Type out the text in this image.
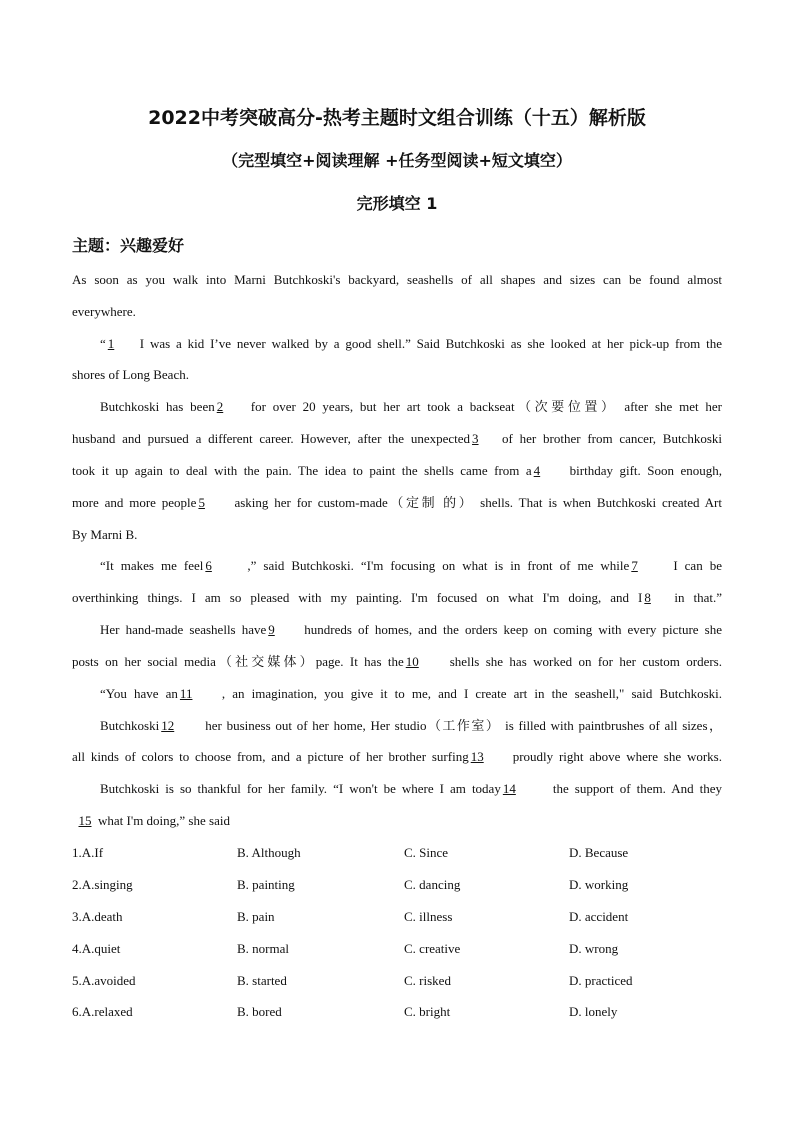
2022中考突破高分-热考主题时文组合训练（十五）解析版
（完型填空+阅读理解 +任务型阅读+短文填空）
完形填空 1
主题：兴趣爱好
As soon as you walk into Marni Butchkoski's backyard, seashells of all shapes and sizes can be found almost
everywhere.
“ 1 I was a kid I’ve never walked by a good shell.” Said Butchkoski as she looked at her pick-up from the
shores of Long Beach.
Butchkoski has been 2 for over 20 years, but her art took a backseat（次要位置） after she met her
husband and pursued a different career. However, after the unexpected 3 of her brother from cancer, Butchkoski
took it up again to deal with the pain. The idea to paint the shells came from a 4 birthday gift. Soon enough,
more and more people 5 asking her for custom-made（定制 的） shells. That is when Butchkoski created Art
By Marni B.
“It makes me feel 6	,” said Butchkoski. “I'm focusing on what is in front of me while 7	I can be
overthinking things. I am so pleased with my painting. I'm focused on what I'm doing, and I 8 in that.”
Her hand-made seashells have 9 hundreds of homes, and the orders keep on coming with every picture she
posts on her social media（社交媒体）page. It has the 10 shells she has worked on for her custom orders.
“You have an 11 , an imagination, you give it to me, and I create art in the seashell," said Butchkoski.
Butchkoski 12 her business out of her home, Her studio（工作室） is filled with paintbrushes of all sizes，
all kinds of colors to choose from, and a picture of her brother surfing 13 proudly right above where she works.
Butchkoski is so thankful for her family. “I won't be where I am today 14	the support of them. And they
15 what I'm doing,” she said
1.A.If	B. Although	C. Since	D. Because
2.A.singing	B. painting	C. dancing	D. working
3.A.death	B. pain	C. illness	D. accident
4.A.quiet	B. normal	C. creative	D. wrong
5.A.avoided	B. started	C. risked	D. practiced
6.A.relaxed	B. bored	C. bright	D. lonely
